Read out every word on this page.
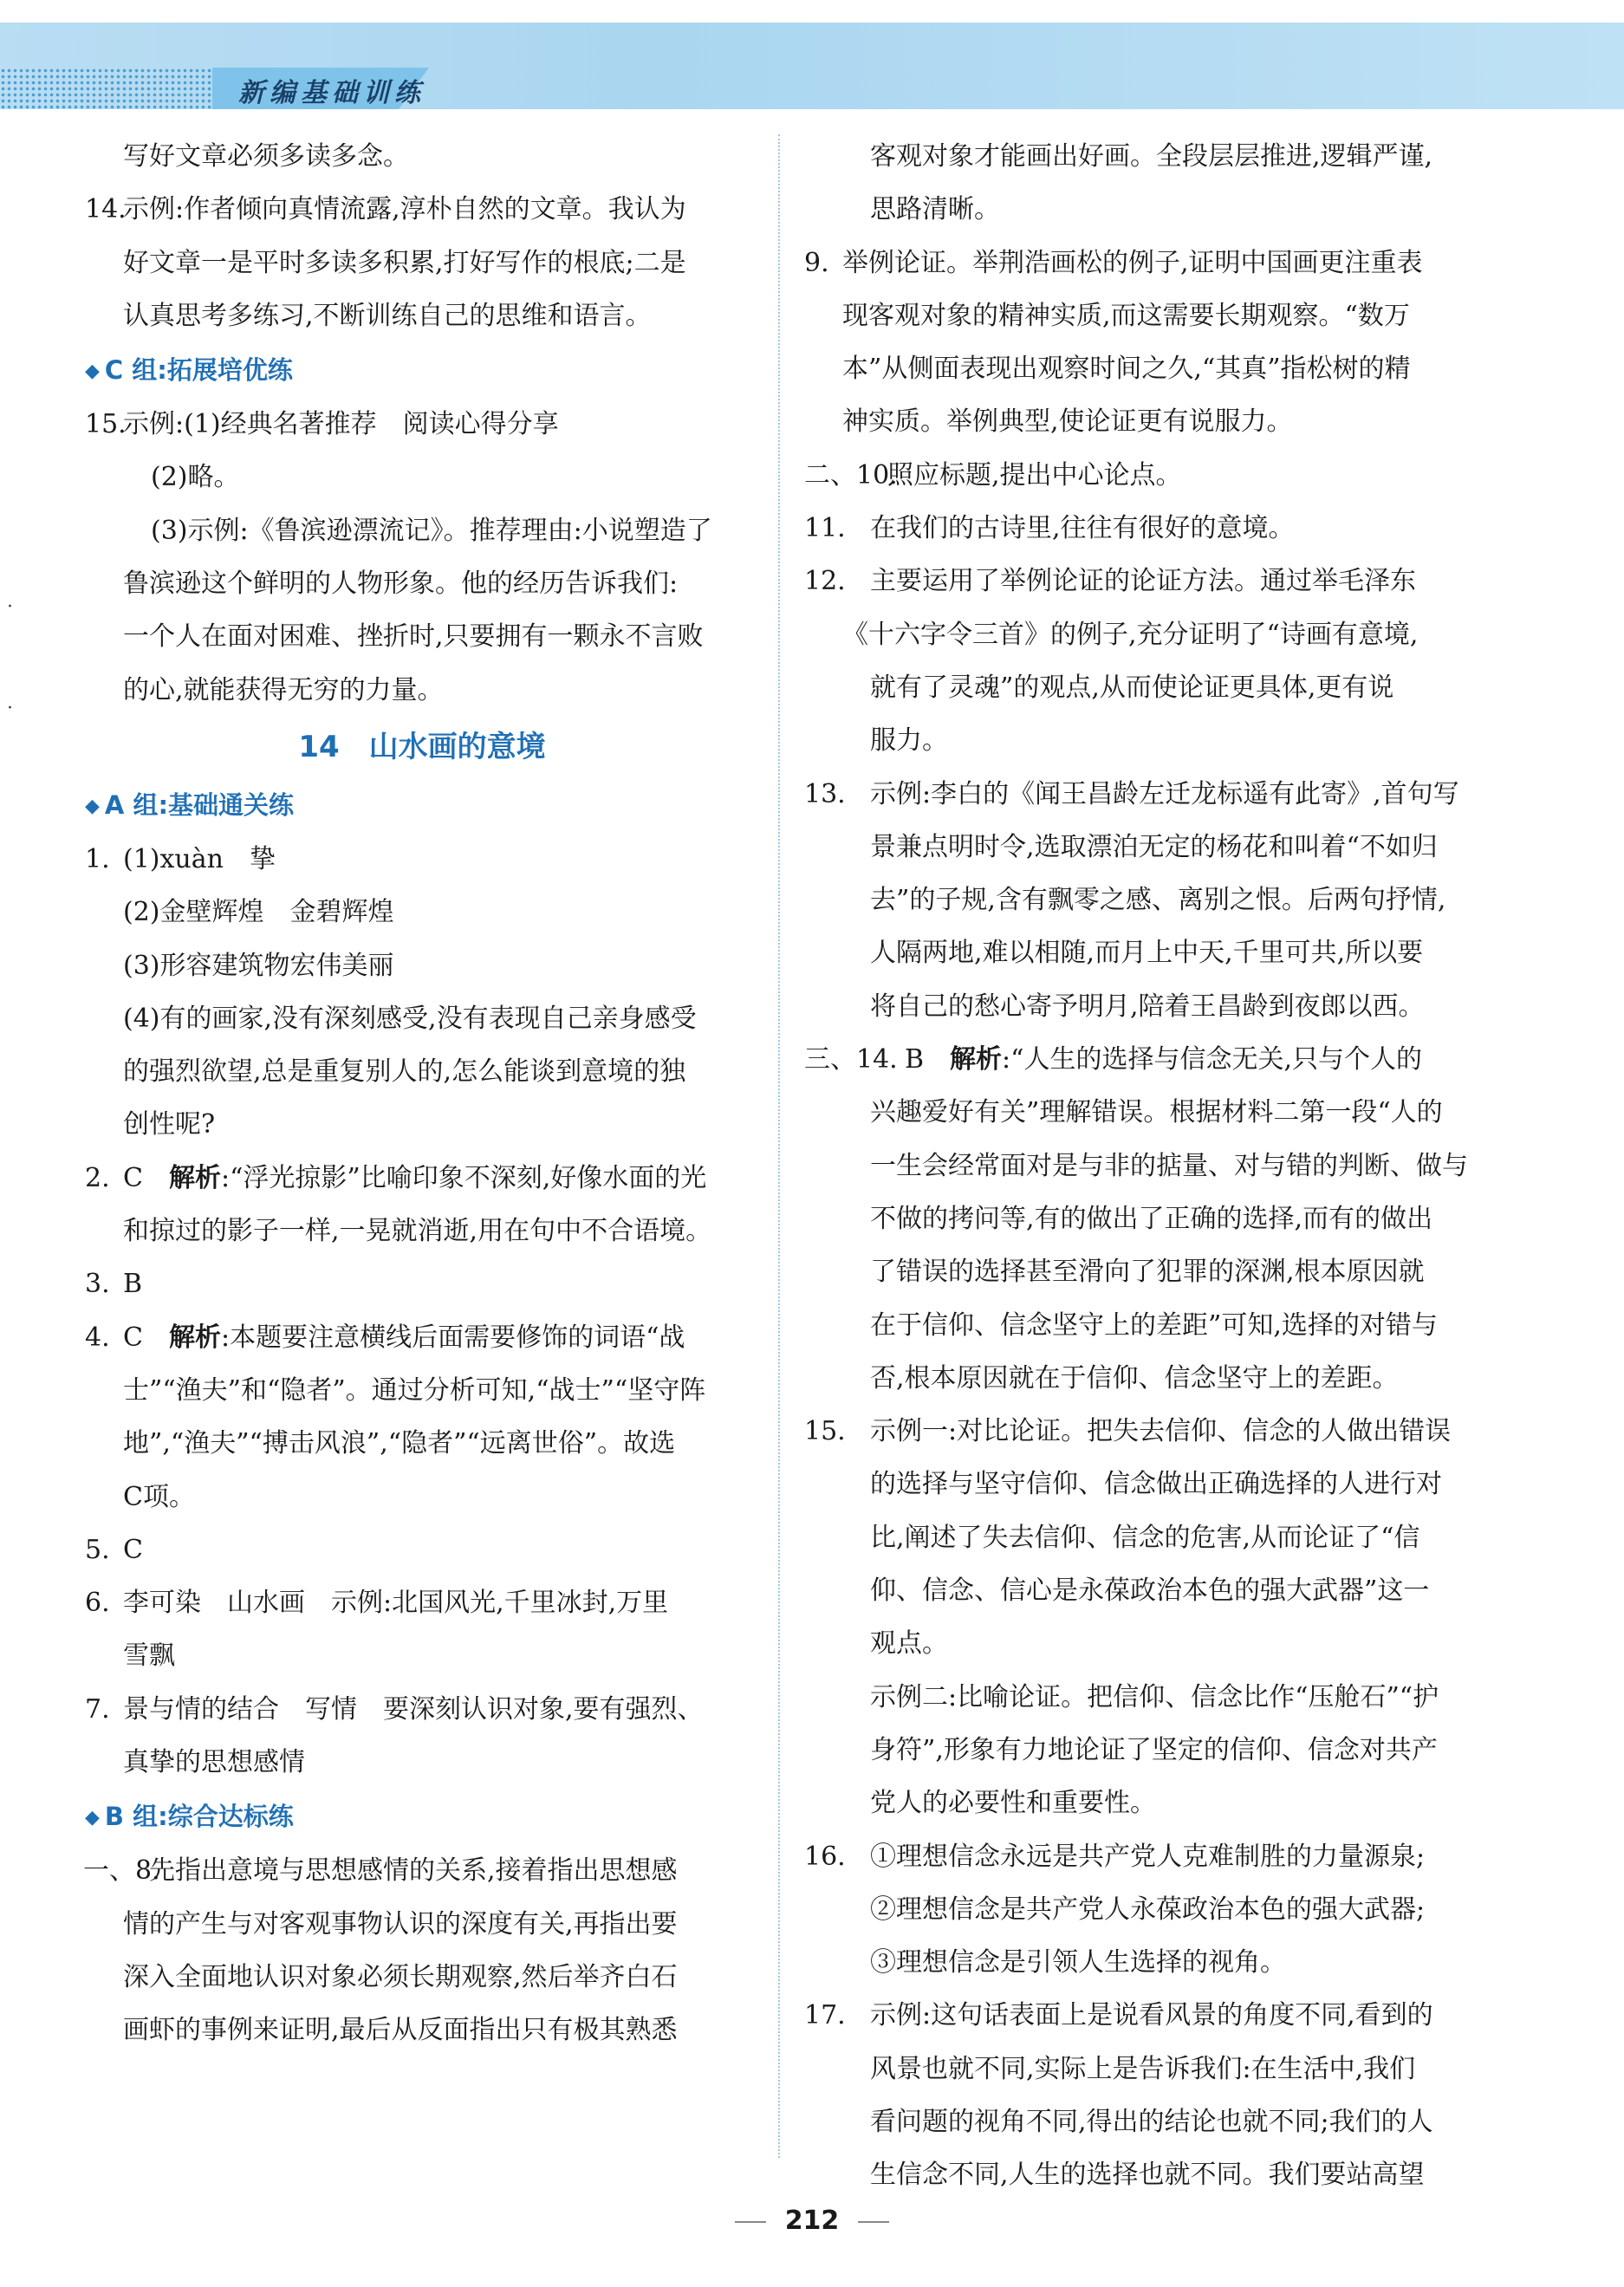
新编基础训练
·
·
写好文章必须多读多念。
14.
示例:作者倾向真情流露,淳朴自然的文章。我认为
好文章一是平时多读多积累,打好写作的根底;二是
认真思考多练习,不断训练自己的思维和语言。
◆ C 组:拓展培优练
15.
示例:(1)经典名著推荐　阅读心得分享
(2)略。
(3)示例:《鲁滨逊漂流记》。推荐理由:小说塑造了
鲁滨逊这个鲜明的人物形象。他的经历告诉我们:
一个人在面对困难、挫折时,只要拥有一颗永不言败
的心,就能获得无穷的力量。
14　山水画的意境
◆ A 组:基础通关练
1. (1)xuàn　挚
(2)金壁辉煌　金碧辉煌
(3)形容建筑物宏伟美丽
(4)有的画家,没有深刻感受,没有表现自己亲身感受
的强烈欲望,总是重复别人的,怎么能谈到意境的独
创性呢?
2. C　 解析:“浮光掠影”比喻印象不深刻,好像水面的光
和掠过的影子一样,一晃就消逝,用在句中不合语境。
3. B
4. C　 解析:本题要注意横线后面需要修饰的词语“战
士”“渔夫”和“隐者”。通过分析可知,“战士”“坚守阵
地”,“渔夫”“搏击风浪”,“隐者”“远离世俗”。故选
C项。
5. C
6. 李可染　山水画　示例:北国风光,千里冰封,万里
雪飘
7. 景与情的结合　写情　要深刻认识对象,要有强烈、
真挚的思想感情
◆ B 组:综合达标练
一、8.
先指出意境与思想感情的关系,接着指出思想感
情的产生与对客观事物认识的深度有关,再指出要
深入全面地认识对象必须长期观察,然后举齐白石
画虾的事例来证明,最后从反面指出只有极其熟悉
客观对象才能画出好画。全段层层推进,逻辑严谨,
思路清晰。
9. 举例论证。举荆浩画松的例子,证明中国画更注重表
现客观对象的精神实质,而这需要长期观察。“数万
本”从侧面表现出观察时间之久,“其真”指松树的精
神实质。举例典型,使论证更有说服力。
二、10.
照应标题,提出中心论点。
11. 在我们的古诗里,往往有很好的意境。
12. 主要运用了举例论证的论证方法。通过举毛泽东
《十六字令三首》的例子,充分证明了“诗画有意境,
就有了灵魂”的观点,从而使论证更具体,更有说
服力。
13. 示例:李白的《闻王昌龄左迁龙标遥有此寄》,首句写
景兼点明时令,选取漂泊无定的杨花和叫着“不如归
去”的子规,含有飘零之感、离别之恨。后两句抒情,
人隔两地,难以相随,而月上中天,千里可共,所以要
将自己的愁心寄予明月,陪着王昌龄到夜郎以西。
三、14. B　 解析:“人生的选择与信念无关,只与个人的
兴趣爱好有关”理解错误。根据材料二第一段“人的
一生会经常面对是与非的掂量、对与错的判断、做与
不做的拷问等,有的做出了正确的选择,而有的做出
了错误的选择甚至滑向了犯罪的深渊,根本原因就
在于信仰、信念坚守上的差距”可知,选择的对错与
否,根本原因就在于信仰、信念坚守上的差距。
15. 示例一:对比论证。把失去信仰、信念的人做出错误
的选择与坚守信仰、信念做出正确选择的人进行对
比,阐述了失去信仰、信念的危害,从而论证了“信
仰、信念、信心是永葆政治本色的强大武器”这一
观点。
示例二:比喻论证。把信仰、信念比作“压舱石”“护
身符”,形象有力地论证了坚定的信仰、信念对共产
党人的必要性和重要性。
16. ①理想信念永远是共产党人克难制胜的力量源泉;
②理想信念是共产党人永葆政治本色的强大武器;
③理想信念是引领人生选择的视角。
17. 示例:这句话表面上是说看风景的角度不同,看到的
风景也就不同,实际上是告诉我们:在生活中,我们
看问题的视角不同,得出的结论也就不同;我们的人
生信念不同,人生的选择也就不同。我们要站高望
212
